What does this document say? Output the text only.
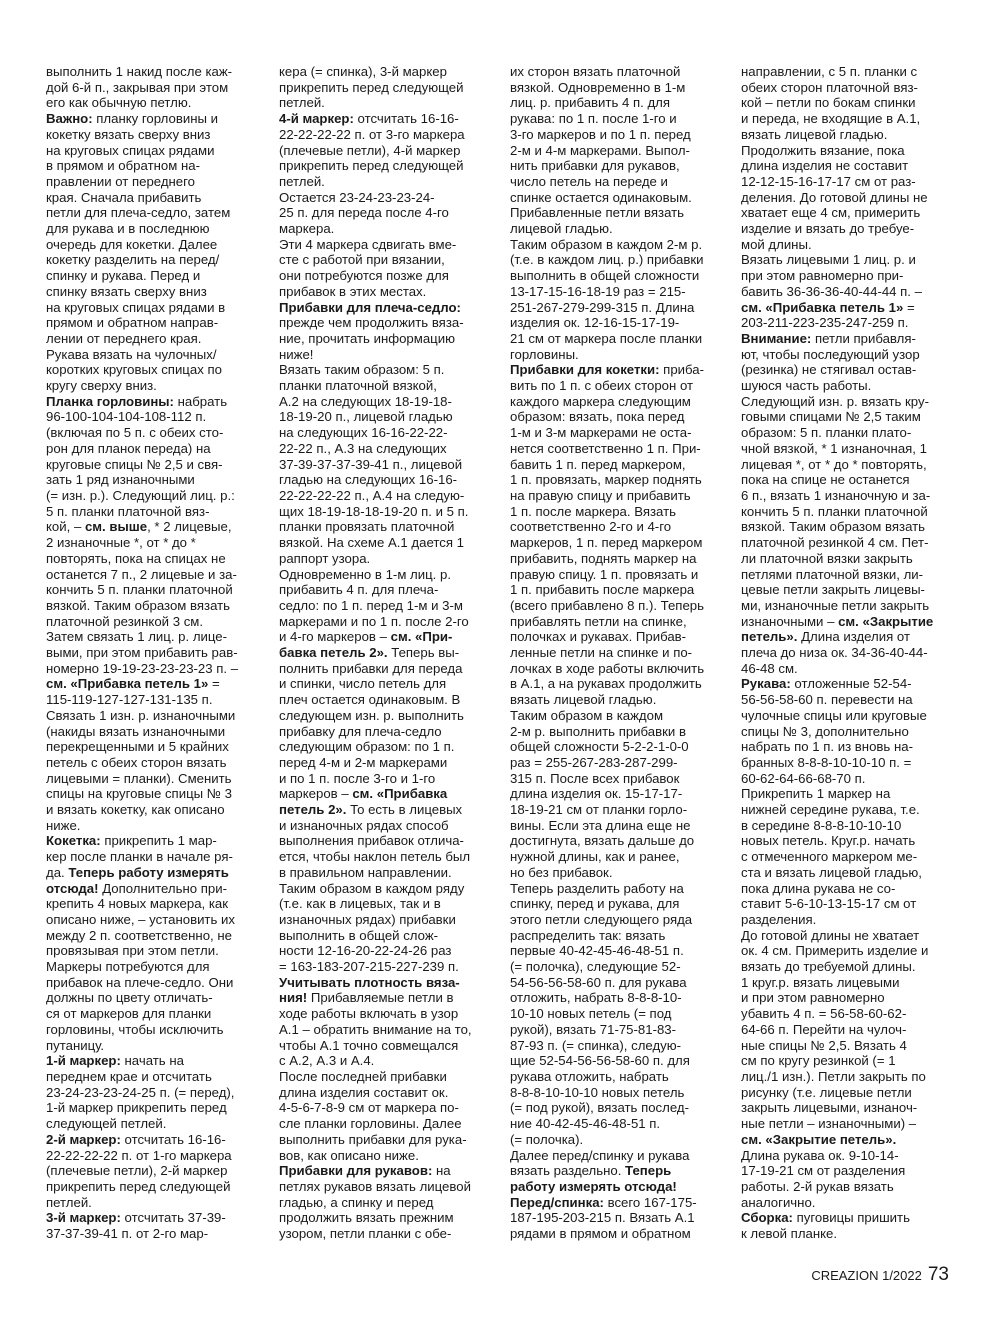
выполнить 1 накид после каж-
дой 6-й п., закрывая при этом
его как обычную петлю.

Важно: планку горловины и
кокетку вязать сверху вниз
на круговых спицах рядами
в прямом и обратном на-
правлении от переднего
края. Сначала прибавить
петли для плеча-седло, затем
для рукава и в последнюю
очередь для кокетки. Далее
кокетку разделить на перед/
спинку и рукава. Перед и
спинку вязать сверху вниз
на круговых спицах рядами в
прямом и обратном направ-
лении от переднего края.
Рукава вязать на чулочных/
коротких круговых спицах по
кругу сверху вниз.

Планка горловины: набрать
96-100-104-104-108-112 п.
(включая по 5 п. с обеих сто-
рон для планок переда) на
круговые спицы № 2,5 и свя-
зать 1 ряд изнаночными
(= изн. р.). Следующий лиц. р.:
5 п. планки платочной вяз-
кой, – см. выше, * 2 лицевые,
2 изнаночные *, от * до *
повторять, пока на спицах не
останется 7 п., 2 лицевые и за-
кончить 5 п. планки платочной
вязкой. Таким образом вязать
платочной резинкой 3 см.
Затем связать 1 лиц. р. лице-
выми, при этом прибавить рав-
номерно 19-19-23-23-23-23 п. –
см. «Прибавка петель 1» =
115-119-127-127-131-135 п.
Связать 1 изн. р. изнаночными
(накиды вязать изнаночными
перекрещенными и 5 крайних
петель с обеих сторон вязать
лицевыми = планки). Сменить
спицы на круговые спицы № 3
и вязать кокетку, как описано
ниже.

Кокетка: прикрепить 1 мар-
кер после планки в начале ря-
да. Теперь работу измерять
отсюда! Дополнительно при-
крепить 4 новых маркера, как
описано ниже, – установить их
между 2 п. соответственно, не
провязывая при этом петли.
Маркеры потребуются для
прибавок на плече-седло. Они
должны по цвету отличать-
ся от маркеров для планки
горловины, чтобы исключить
путаницу.

1-й маркер: начать на
переднем крае и отсчитать
23-24-23-23-24-25 п. (= перед),
1-й маркер прикрепить перед
следующей петлей.

2-й маркер: отсчитать 16-16-
22-22-22-22 п. от 1-го маркера
(плечевые петли), 2-й маркер
прикрепить перед следующей
петлей.

3-й маркер: отсчитать 37-39-
37-37-39-41 п. от 2-го мар-

кера (= спинка), 3-й маркер
прикрепить перед следующей
петлей.

4-й маркер: отсчитать 16-16-
22-22-22-22 п. от 3-го маркера
(плечевые петли), 4-й маркер
прикрепить перед следующей
петлей.

Остается 23-24-23-23-24-
25 п. для переда после 4-го
маркера.

Эти 4 маркера сдвигать вме-
сте с работой при вязании,
они потребуются позже для
прибавок в этих местах.

Прибавки для плеча-седло:
прежде чем продолжить вяза-
ние, прочитать информацию
ниже!

Вязать таким образом: 5 п.
планки платочной вязкой,
А.2 на следующих 18-19-18-
18-19-20 п., лицевой гладью
на следующих 16-16-22-22-
22-22 п., А.3 на следующих
37-39-37-37-39-41 п., лицевой
гладью на следующих 16-16-
22-22-22-22 п., А.4 на следую-
щих 18-19-18-18-19-20 п. и 5 п.
планки провязать платочной
вязкой. На схеме А.1 дается 1
раппорт узора.

Одновременно в 1-м лиц. р.
прибавить 4 п. для плеча-
седло: по 1 п. перед 1-м и 3-м
маркерами и по 1 п. после 2-го
и 4-го маркеров – см. «При-
бавка петель 2». Теперь вы-
полнить прибавки для переда
и спинки, число петель для
плеч остается одинаковым. В
следующем изн. р. выполнить
прибавку для плеча-седло
следующим образом: по 1 п.
перед 4-м и 2-м маркерами
и по 1 п. после 3-го и 1-го
маркеров – см. «Прибавка
петель 2». То есть в лицевых
и изнаночных рядах способ
выполнения прибавок отлича-
ется, чтобы наклон петель был
в правильном направлении.
Таким образом в каждом ряду
(т.е. как в лицевых, так и в
изнаночных рядах) прибавки
выполнить в общей слож-
ности 12-16-20-22-24-26 раз
= 163-183-207-215-227-239 п.

Учитывать плотность вяза-
ния! Прибавляемые петли в
ходе работы включать в узор
А.1 – обратить внимание на то,
чтобы А.1 точно совмещался
с А.2, А.3 и А.4.

После последней прибавки
длина изделия составит ок.
4-5-6-7-8-9 см от маркера по-
сле планки горловины. Далее
выполнить прибавки для рука-
вов, как описано ниже.

Прибавки для рукавов: на
петлях рукавов вязать лицевой
гладью, а спинку и перед
продолжить вязать прежним
узором, петли планки с обе-

их сторон вязать платочной
вязкой. Одновременно в 1-м
лиц. р. прибавить 4 п. для
рукава: по 1 п. после 1-го и
3-го маркеров и по 1 п. перед
2-м и 4-м маркерами. Выпол-
нить прибавки для рукавов,
число петель на переде и
спинке остается одинаковым.
Прибавленные петли вязать
лицевой гладью.

Таким образом в каждом 2-м р.
(т.е. в каждом лиц. р.) прибавки
выполнить в общей сложности
13-17-15-16-18-19 раз = 215-
251-267-279-299-315 п. Длина
изделия ок. 12-16-15-17-19-
21 см от маркера после планки
горловины.

Прибавки для кокетки: приба-
вить по 1 п. с обеих сторон от
каждого маркера следующим
образом: вязать, пока перед
1-м и 3-м маркерами не оста-
нется соответственно 1 п. При-
бавить 1 п. перед маркером,
1 п. провязать, маркер поднять
на правую спицу и прибавить
1 п. после маркера. Вязать
соответственно 2-го и 4-го
маркеров, 1 п. перед маркером
прибавить, поднять маркер на
правую спицу. 1 п. провязать и
1 п. прибавить после маркера
(всего прибавлено 8 п.). Теперь
прибавлять петли на спинке,
полочках и рукавах. Прибав-
ленные петли на спинке и по-
лочках в ходе работы включить
в А.1, а на рукавах продолжить
вязать лицевой гладью.

Таким образом в каждом
2-м р. выполнить прибавки в
общей сложности 5-2-2-1-0-0
раз = 255-267-283-287-299-
315 п. После всех прибавок
длина изделия ок. 15-17-17-
18-19-21 см от планки горло-
вины. Если эта длина еще не
достигнута, вязать дальше до
нужной длины, как и ранее,
но без прибавок.

Теперь разделить работу на
спинку, перед и рукава, для
этого петли следующего ряда
распределить так: вязать
первые 40-42-45-46-48-51 п.
(= полочка), следующие 52-
54-56-56-58-60 п. для рукава
отложить, набрать 8-8-8-10-
10-10 новых петель (= под
рукой), вязать 71-75-81-83-
87-93 п. (= спинка), следую-
щие 52-54-56-56-58-60 п. для
рукава отложить, набрать
8-8-8-10-10-10 новых петель
(= под рукой), вязать послед-
ние 40-42-45-46-48-51 п.
(= полочка).

Далее перед/спинку и рукава
вязать раздельно. Теперь
работу измерять отсюда!

Перед/спинка: всего 167-175-
187-195-203-215 п. Вязать А.1
рядами в прямом и обратном

направлении, с 5 п. планки с
обеих сторон платочной вяз-
кой – петли по бокам спинки
и переда, не входящие в А.1,
вязать лицевой гладью.

Продолжить вязание, пока
длина изделия не составит
12-12-15-16-17-17 см от раз-
деления. До готовой длины не
хватает еще 4 см, примерить
изделие и вязать до требуе-
мой длины.

Вязать лицевыми 1 лиц. р. и
при этом равномерно при-
бавить 36-36-36-40-44-44 п. –
см. «Прибавка петель 1» =
203-211-223-235-247-259 п.

Внимание: петли прибавля-
ют, чтобы последующий узор
(резинка) не стягивал остав-
шуюся часть работы.

Следующий изн. р. вязать кру-
говыми спицами № 2,5 таким
образом: 5 п. планки плато-
чной вязкой, * 1 изнаночная, 1
лицевая *, от * до * повторять,
пока на спице не останется
6 п., вязать 1 изнаночную и за-
кончить 5 п. планки платочной
вязкой. Таким образом вязать
платочной резинкой 4 см. Пет-
ли платочной вязки закрыть
петлями платочной вязки, ли-
цевые петли закрыть лицевы-
ми, изнаночные петли закрыть
изнаночными – см. «Закрытие
петель». Длина изделия от
плеча до низа ок. 34-36-40-44-
46-48 см.

Рукава: отложенные 52-54-
56-56-58-60 п. перевести на
чулочные спицы или круговые
спицы № 3, дополнительно
набрать по 1 п. из вновь на-
бранных 8-8-8-10-10-10 п. =
60-62-64-66-68-70 п.

Прикрепить 1 маркер на
нижней середине рукава, т.е.
в середине 8-8-8-10-10-10
новых петель. Круг.р. начать
с отмеченного маркером ме-
ста и вязать лицевой гладью,
пока длина рукава не со-
ставит 5-6-10-13-15-17 см от
разделения.

До готовой длины не хватает
ок. 4 см. Примерить изделие и
вязать до требуемой длины.
1 круг.р. вязать лицевыми
и при этом равномерно
убавить 4 п. = 56-58-60-62-
64-66 п. Перейти на чулоч-
ные спицы № 2,5. Вязать 4
см по кругу резинкой (= 1
лиц./1 изн.). Петли закрыть по
рисунку (т.е. лицевые петли
закрыть лицевыми, изнаноч-
ные петли – изнаночными) –
см. «Закрытие петель».
Длина рукава ок. 9-10-14-
17-19-21 см от разделения
работы. 2-й рукав вязать
аналогично.

Сборка: пуговицы пришить
к левой планке.

CREAZION 1/2022 73
